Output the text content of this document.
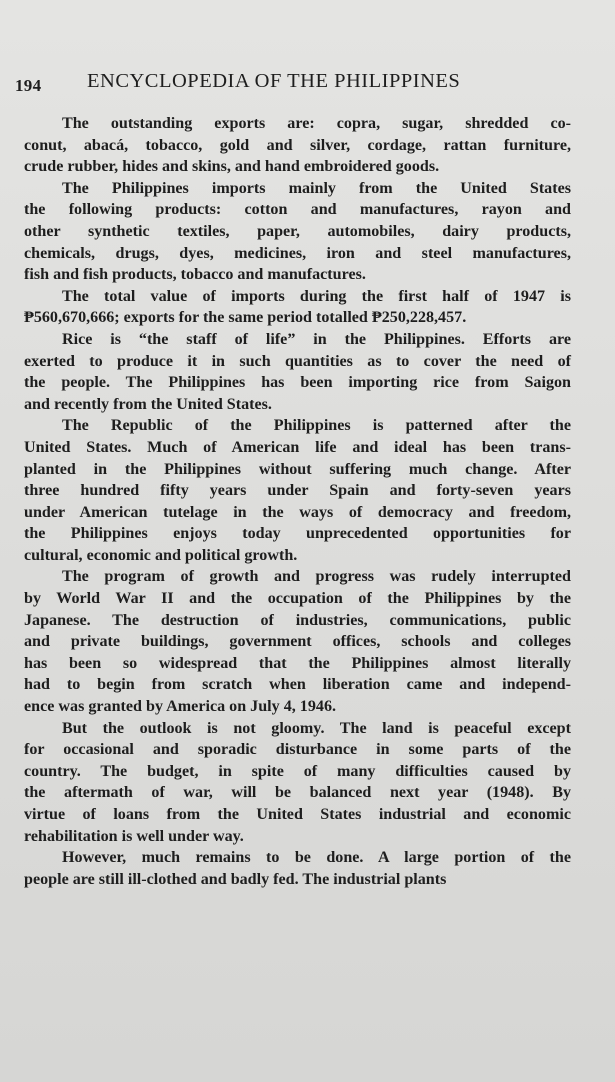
194 ENCYCLOPEDIA OF THE PHILIPPINES
The outstanding exports are: copra, sugar, shredded co-
conut, abacá, tobacco, gold and silver, cordage, rattan furniture,
crude rubber, hides and skins, and hand embroidered goods.
The Philippines imports mainly from the United States
the following products: cotton and manufactures, rayon and
other synthetic textiles, paper, automobiles, dairy products,
chemicals, drugs, dyes, medicines, iron and steel manufactures,
fish and fish products, tobacco and manufactures.
The total value of imports during the first half of 1947 is
₱560,670,666; exports for the same period totalled ₱250,228,457.
Rice is “the staff of life” in the Philippines. Efforts are
exerted to produce it in such quantities as to cover the need of
the people. The Philippines has been importing rice from Saigon
and recently from the United States.
The Republic of the Philippines is patterned after the
United States. Much of American life and ideal has been trans-
planted in the Philippines without suffering much change. After
three hundred fifty years under Spain and forty-seven years
under American tutelage in the ways of democracy and freedom,
the Philippines enjoys today unprecedented opportunities for
cultural, economic and political growth.
The program of growth and progress was rudely interrupted
by World War II and the occupation of the Philippines by the
Japanese. The destruction of industries, communications, public
and private buildings, government offices, schools and colleges
has been so widespread that the Philippines almost literally
had to begin from scratch when liberation came and independ-
ence was granted by America on July 4, 1946.
But the outlook is not gloomy. The land is peaceful except
for occasional and sporadic disturbance in some parts of the
country. The budget, in spite of many difficulties caused by
the aftermath of war, will be balanced next year (1948). By
virtue of loans from the United States industrial and economic
rehabilitation is well under way.
However, much remains to be done. A large portion of the
people are still ill-clothed and badly fed. The industrial plants
